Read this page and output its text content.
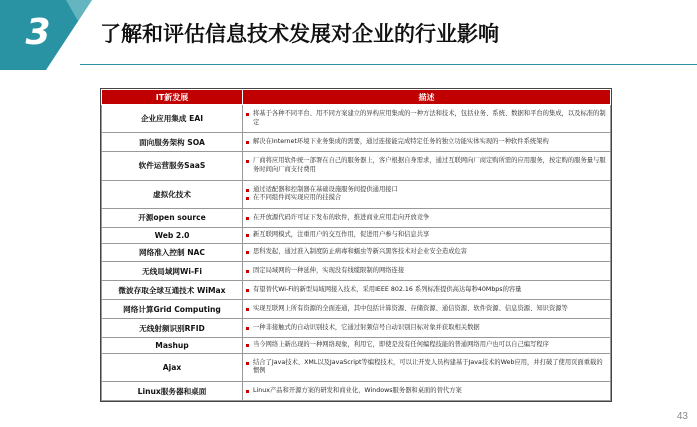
3 了解和评估信息技术发展对企业的行业影响
IT新发展	描述
企业应用集成 EAI	将基于各种不同平台、用不同方案建立的异构应用集成的一种方法和技术，包括业务、系统、数据和平台的集成，以及标准的制定

面向服务架构 SOA	解决在Internet环境下业务集成的需要，通过连接能完成特定任务的独立功能实体实现的一种软件系统架构

软件运营服务SaaS	厂商将应用软件统一部署在自己的服务器上，客户根据自身需求，通过互联网向厂商定购所需的应用服务，按定购的服务量与服务时间向厂商支付费用

虚拟化技术	通过适配器和控制器在基础设施服务间提供通用接口
在不同组件间实现应用的挂摸合

开源open source	在开放源代码许可证下发布的软件，推进商业应用走向开放竞争

Web 2.0	新互联网模式，注重用户的交互作用，促进用户参与和信息共享

网络准入控制 NAC	思科发起，通过准入制度防止病毒和蠕虫等新兴黑客技术对企业安全造成危害

无线局域网Wi-Fi	固定局域网的一种延伸，实现没有线缆限制的网络连接

微波存取全球互通技术 WiMax	有望替代Wi-Fi的新型局域网接入技术，采用IEEE 802.16 系列标准提供高达每秒40Mbps的容量

网络计算Grid Computing	实现互联网上所有资源的全面连通，其中包括计算资源、存储资源、通信资源、软件资源、信息资源、知识资源等

无线射频识别RFID	一种非接触式的自动识别技术，它通过射频信号自动识别目标对象并获取相关数据

Mashup	当今网络上新出现的一种网络现象，利用它，即使是没有任何编程技能的普通网络用户也可以自己编写程序

Ajax	结合了Java技术、XML以及JavaScript等编程技术，可以让开发人员构建基于Java技术的Web应用，并打破了使用页面重载的惯例

Linux服务器和桌面	Linux产品和开源方案的研发和商业化，Windows服务器和桌面的替代方案
43
